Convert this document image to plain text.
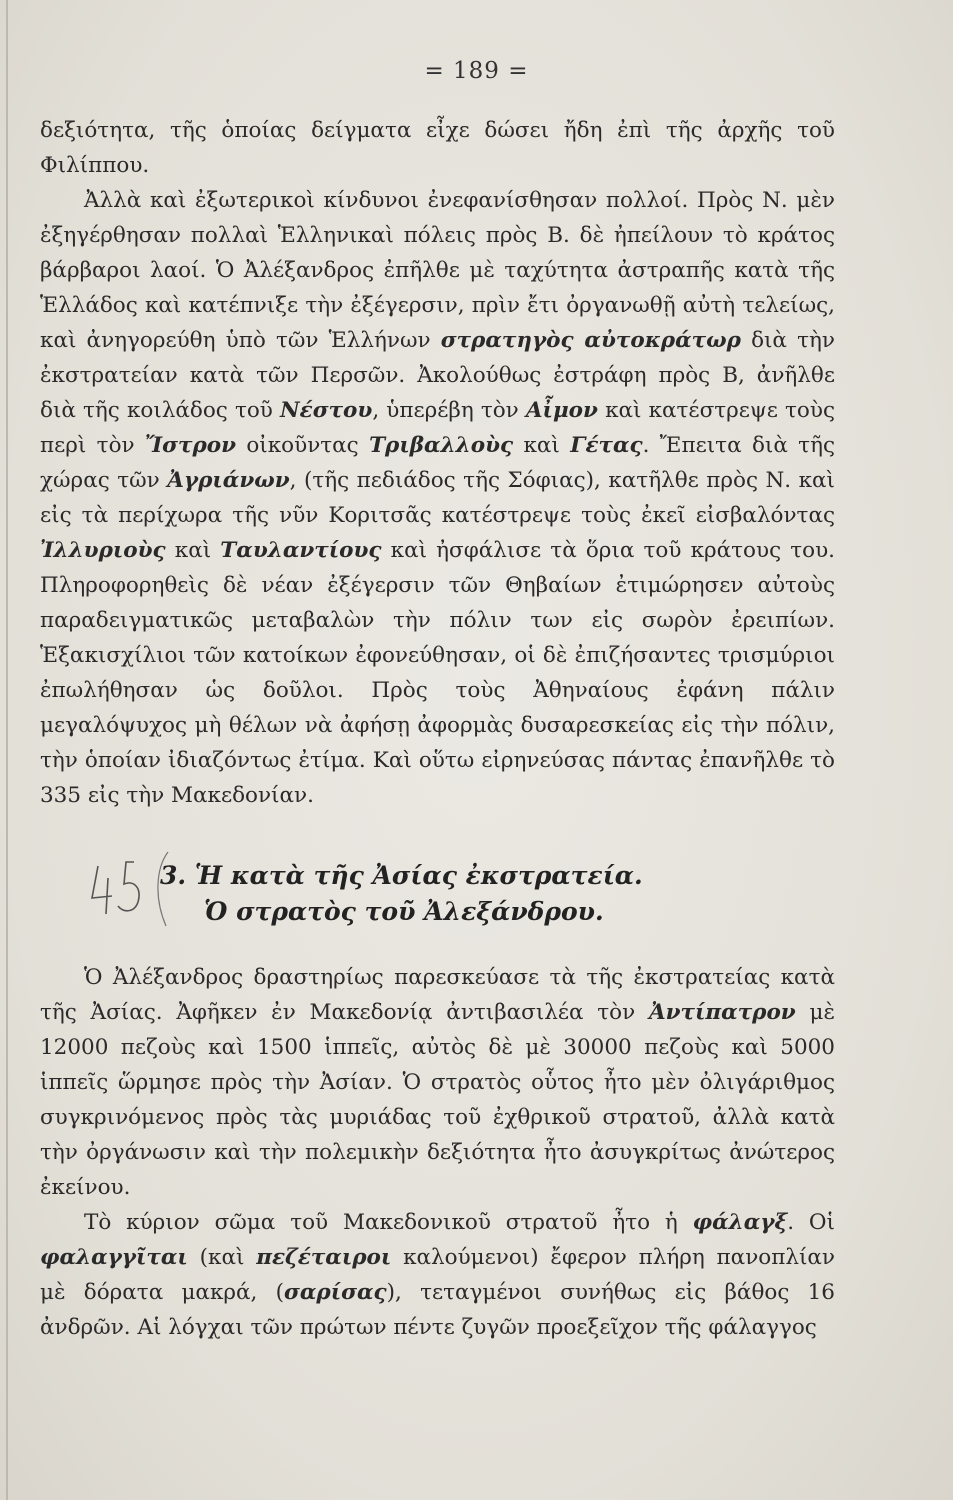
= 189 =

δεξιότητα, τῆς ὁποίας δείγματα εἶχε δώσει ἤδη ἐπὶ τῆς ἀρχῆς τοῦ Φιλίππου.

Ἀλλὰ καὶ ἐξωτερικοὶ κίνδυνοι ἐνεφανίσθησαν πολλοί. Πρὸς Ν. μὲν ἐξηγέρθησαν πολλαὶ Ἑλληνικαὶ πόλεις πρὸς Β. δὲ ἠπείλουν τὸ κράτος βάρβαροι λαοί. Ὁ Ἀλέξανδρος ἐπῆλθε μὲ ταχύτητα ἀστραπῆς κατὰ τῆς Ἑλλάδος καὶ κατέπνιξε τὴν ἐξέγερσιν, πρὶν ἔτι ὀργανωθῇ αὐτὴ τελείως, καὶ ἀνηγορεύθη ὑπὸ τῶν Ἑλλήνων στρατηγὸς αὐτοκράτωρ διὰ τὴν ἐκστρατείαν κατὰ τῶν Περσῶν. Ἀκολούθως ἐστράφη πρὸς Β, ἀνῆλθε διὰ τῆς κοιλάδος τοῦ Νέστου, ὑπερέβη τὸν Αἶμον καὶ κατέστρεψε τοὺς περὶ τὸν Ἴστρον οἰκοῦντας Τριβαλλοὺς καὶ Γέτας. Ἔπειτα διὰ τῆς χώρας τῶν Ἀγριάνων, (τῆς πεδιάδος τῆς Σόφιας), κατῆλθε πρὸς Ν. καὶ εἰς τὰ περίχωρα τῆς νῦν Κοριτσᾶς κατέστρεψε τοὺς ἐκεῖ εἰσβαλόντας Ἰλλυριοὺς καὶ Ταυλαντίους καὶ ἠσφάλισε τὰ ὅρια τοῦ κράτους του. Πληροφορηθεὶς δὲ νέαν ἐξέγερσιν τῶν Θηβαίων ἐτιμώρησεν αὐτοὺς παραδειγματικῶς μεταβαλὼν τὴν πόλιν των εἰς σωρὸν ἐρειπίων. Ἑξακισχίλιοι τῶν κατοίκων ἐφονεύθησαν, οἱ δὲ ἐπιζήσαντες τρισμύριοι ἐπωλήθησαν ὡς δοῦλοι. Πρὸς τοὺς Ἀθηναίους ἐφάνη πάλιν μεγαλόψυχος μὴ θέλων νὰ ἀφήσῃ ἀφορμὰς δυσαρεσκείας εἰς τὴν πόλιν, τὴν ὁποίαν ἰδιαζόντως ἐτίμα. Καὶ οὕτω εἰρηνεύσας πάντας ἐπανῆλθε τὸ 335 εἰς τὴν Μακεδονίαν.

3. Ἡ κατὰ τῆς Ἀσίας ἐκστρατεία.
Ὁ στρατὸς τοῦ Ἀλεξάνδρου.

Ὁ Ἀλέξανδρος δραστηρίως παρεσκεύασε τὰ τῆς ἐκστρατείας κατὰ τῆς Ἀσίας. Ἀφῆκεν ἐν Μακεδονίᾳ ἀντιβασιλέα τὸν Ἀντίπατρον μὲ 12000 πεζοὺς καὶ 1500 ἱππεῖς, αὐτὸς δὲ μὲ 30000 πεζοὺς καὶ 5000 ἱππεῖς ὥρμησε πρὸς τὴν Ἀσίαν. Ὁ στρατὸς οὗτος ἦτο μὲν ὀλιγάριθμος συγκρινόμενος πρὸς τὰς μυριάδας τοῦ ἐχθρικοῦ στρατοῦ, ἀλλὰ κατὰ τὴν ὀργάνωσιν καὶ τὴν πολεμικὴν δεξιότητα ἦτο ἀσυγκρίτως ἀνώτερος ἐκείνου.

Τὸ κύριον σῶμα τοῦ Μακεδονικοῦ στρατοῦ ἦτο ἡ φάλαγξ. Οἱ φαλαγγῖται (καὶ πεζέταιροι καλούμενοι) ἔφερον πλήρη πανοπλίαν μὲ δόρατα μακρά, (σαρίσας), τεταγμένοι συνήθως εἰς βάθος 16 ἀνδρῶν. Αἱ λόγχαι τῶν πρώτων πέντε ζυγῶν προεξεῖχον τῆς φάλαγγος
